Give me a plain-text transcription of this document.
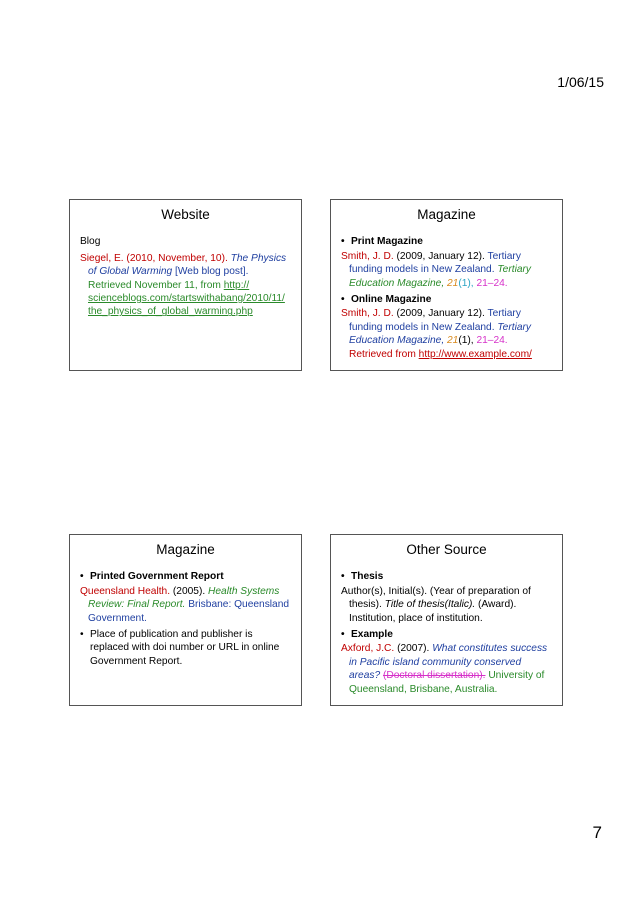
1/06/15
Website

Blog

Siegel, E. (2010, November, 10). The Physics of Global Warming [Web blog post]. Retrieved November 11, from http:// scienceblogs.com/startswithabang/2010/11/ the_physics_of_global_warming.php

Magazine
• Print Magazine

Smith, J. D. (2009, January 12). Tertiary funding models in New Zealand. Tertiary Education Magazine, 21(1), 21–24.

• Online Magazine

Smith, J. D. (2009, January 12). Tertiary funding models in New Zealand. Tertiary Education Magazine, 21(1), 21–24. Retrieved from http://www.example.com/

Magazine
• Printed Government Report

Queensland Health. (2005). Health Systems Review: Final Report. Brisbane: Queensland Government.

• Place of publication and publisher is replaced with doi number or URL in online Government Report.
Other Source
• Thesis

Author(s), Initial(s). (Year of preparation of thesis). Title of thesis(Italic). (Award). Institution, place of institution.

• Example

Axford, J.C. (2007). What constitutes success in Pacific island community conserved areas? (Doctoral dissertation). University of Queensland, Brisbane, Australia.

7
